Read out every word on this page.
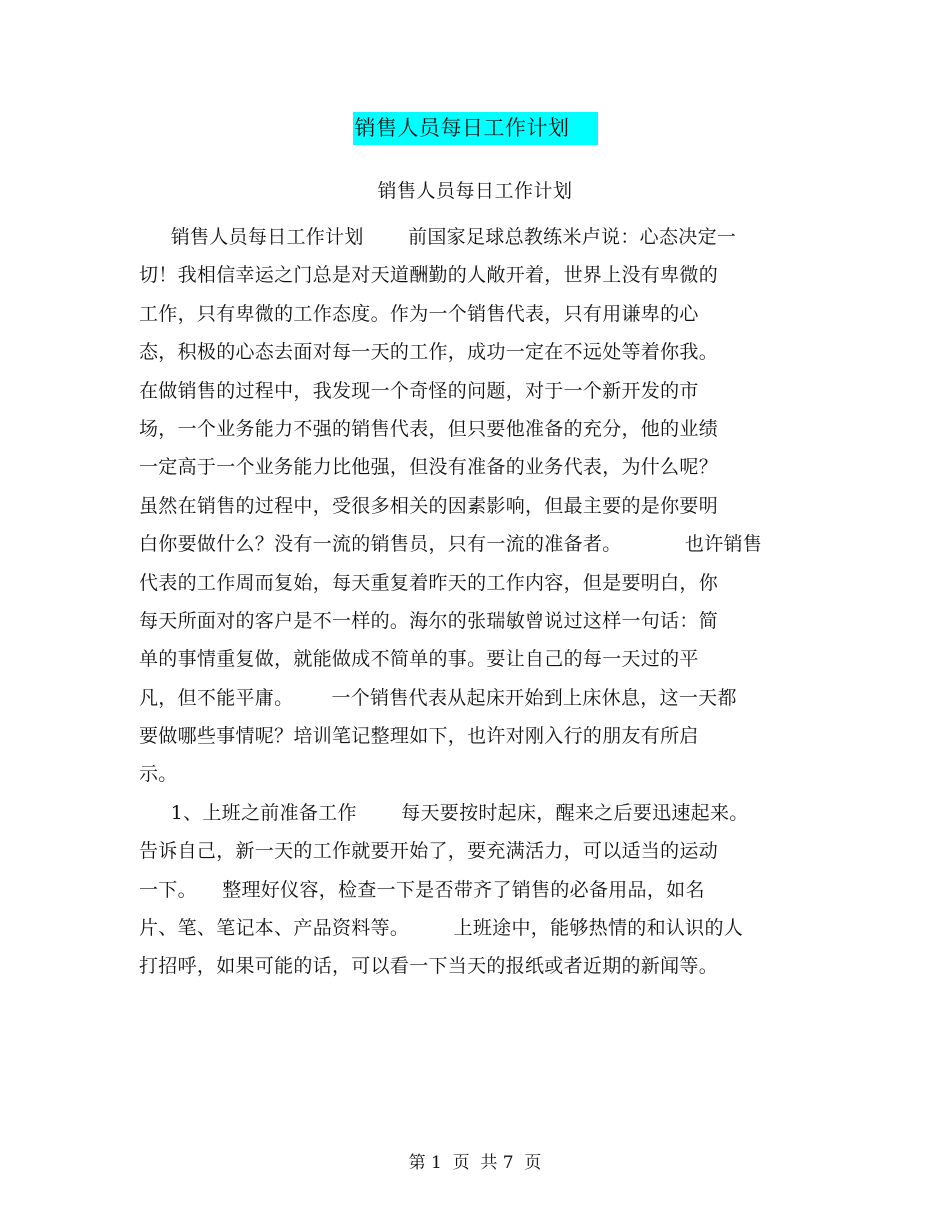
销售人员每日工作计划
销售人员每日工作计划
销售人员每日工作计划       前国家足球总教练米卢说：心态决定一
切！我相信幸运之门总是对天道酬勤的人敞开着，世界上没有卑微的
工作，只有卑微的工作态度。作为一个销售代表，只有用谦卑的心
态，积极的心态去面对每一天的工作，成功一定在不远处等着你我。
在做销售的过程中，我发现一个奇怪的问题，对于一个新开发的市
场，一个业务能力不强的销售代表，但只要他准备的充分，他的业绩
一定高于一个业务能力比他强，但没有准备的业务代表，为什么呢？
虽然在销售的过程中，受很多相关的因素影响，但最主要的是你要明
白你要做什么？没有一流的销售员，只有一流的准备者。          也许销售
代表的工作周而复始，每天重复着昨天的工作内容，但是要明白，你
每天所面对的客户是不一样的。海尔的张瑞敏曾说过这样一句话：简
单的事情重复做，就能做成不简单的事。要让自己的每一天过的平
凡，但不能平庸。      一个销售代表从起床开始到上床休息，这一天都
要做哪些事情呢？培训笔记整理如下，也许对刚入行的朋友有所启
示。
1、上班之前准备工作       每天要按时起床，醒来之后要迅速起来。
告诉自己，新一天的工作就要开始了，要充满活力，可以适当的运动
一下。    整理好仪容，检查一下是否带齐了销售的必备用品，如名
片、笔、笔记本、产品资料等。       上班途中，能够热情的和认识的人
打招呼，如果可能的话，可以看一下当天的报纸或者近期的新闻等。
第 1  页  共 7  页
